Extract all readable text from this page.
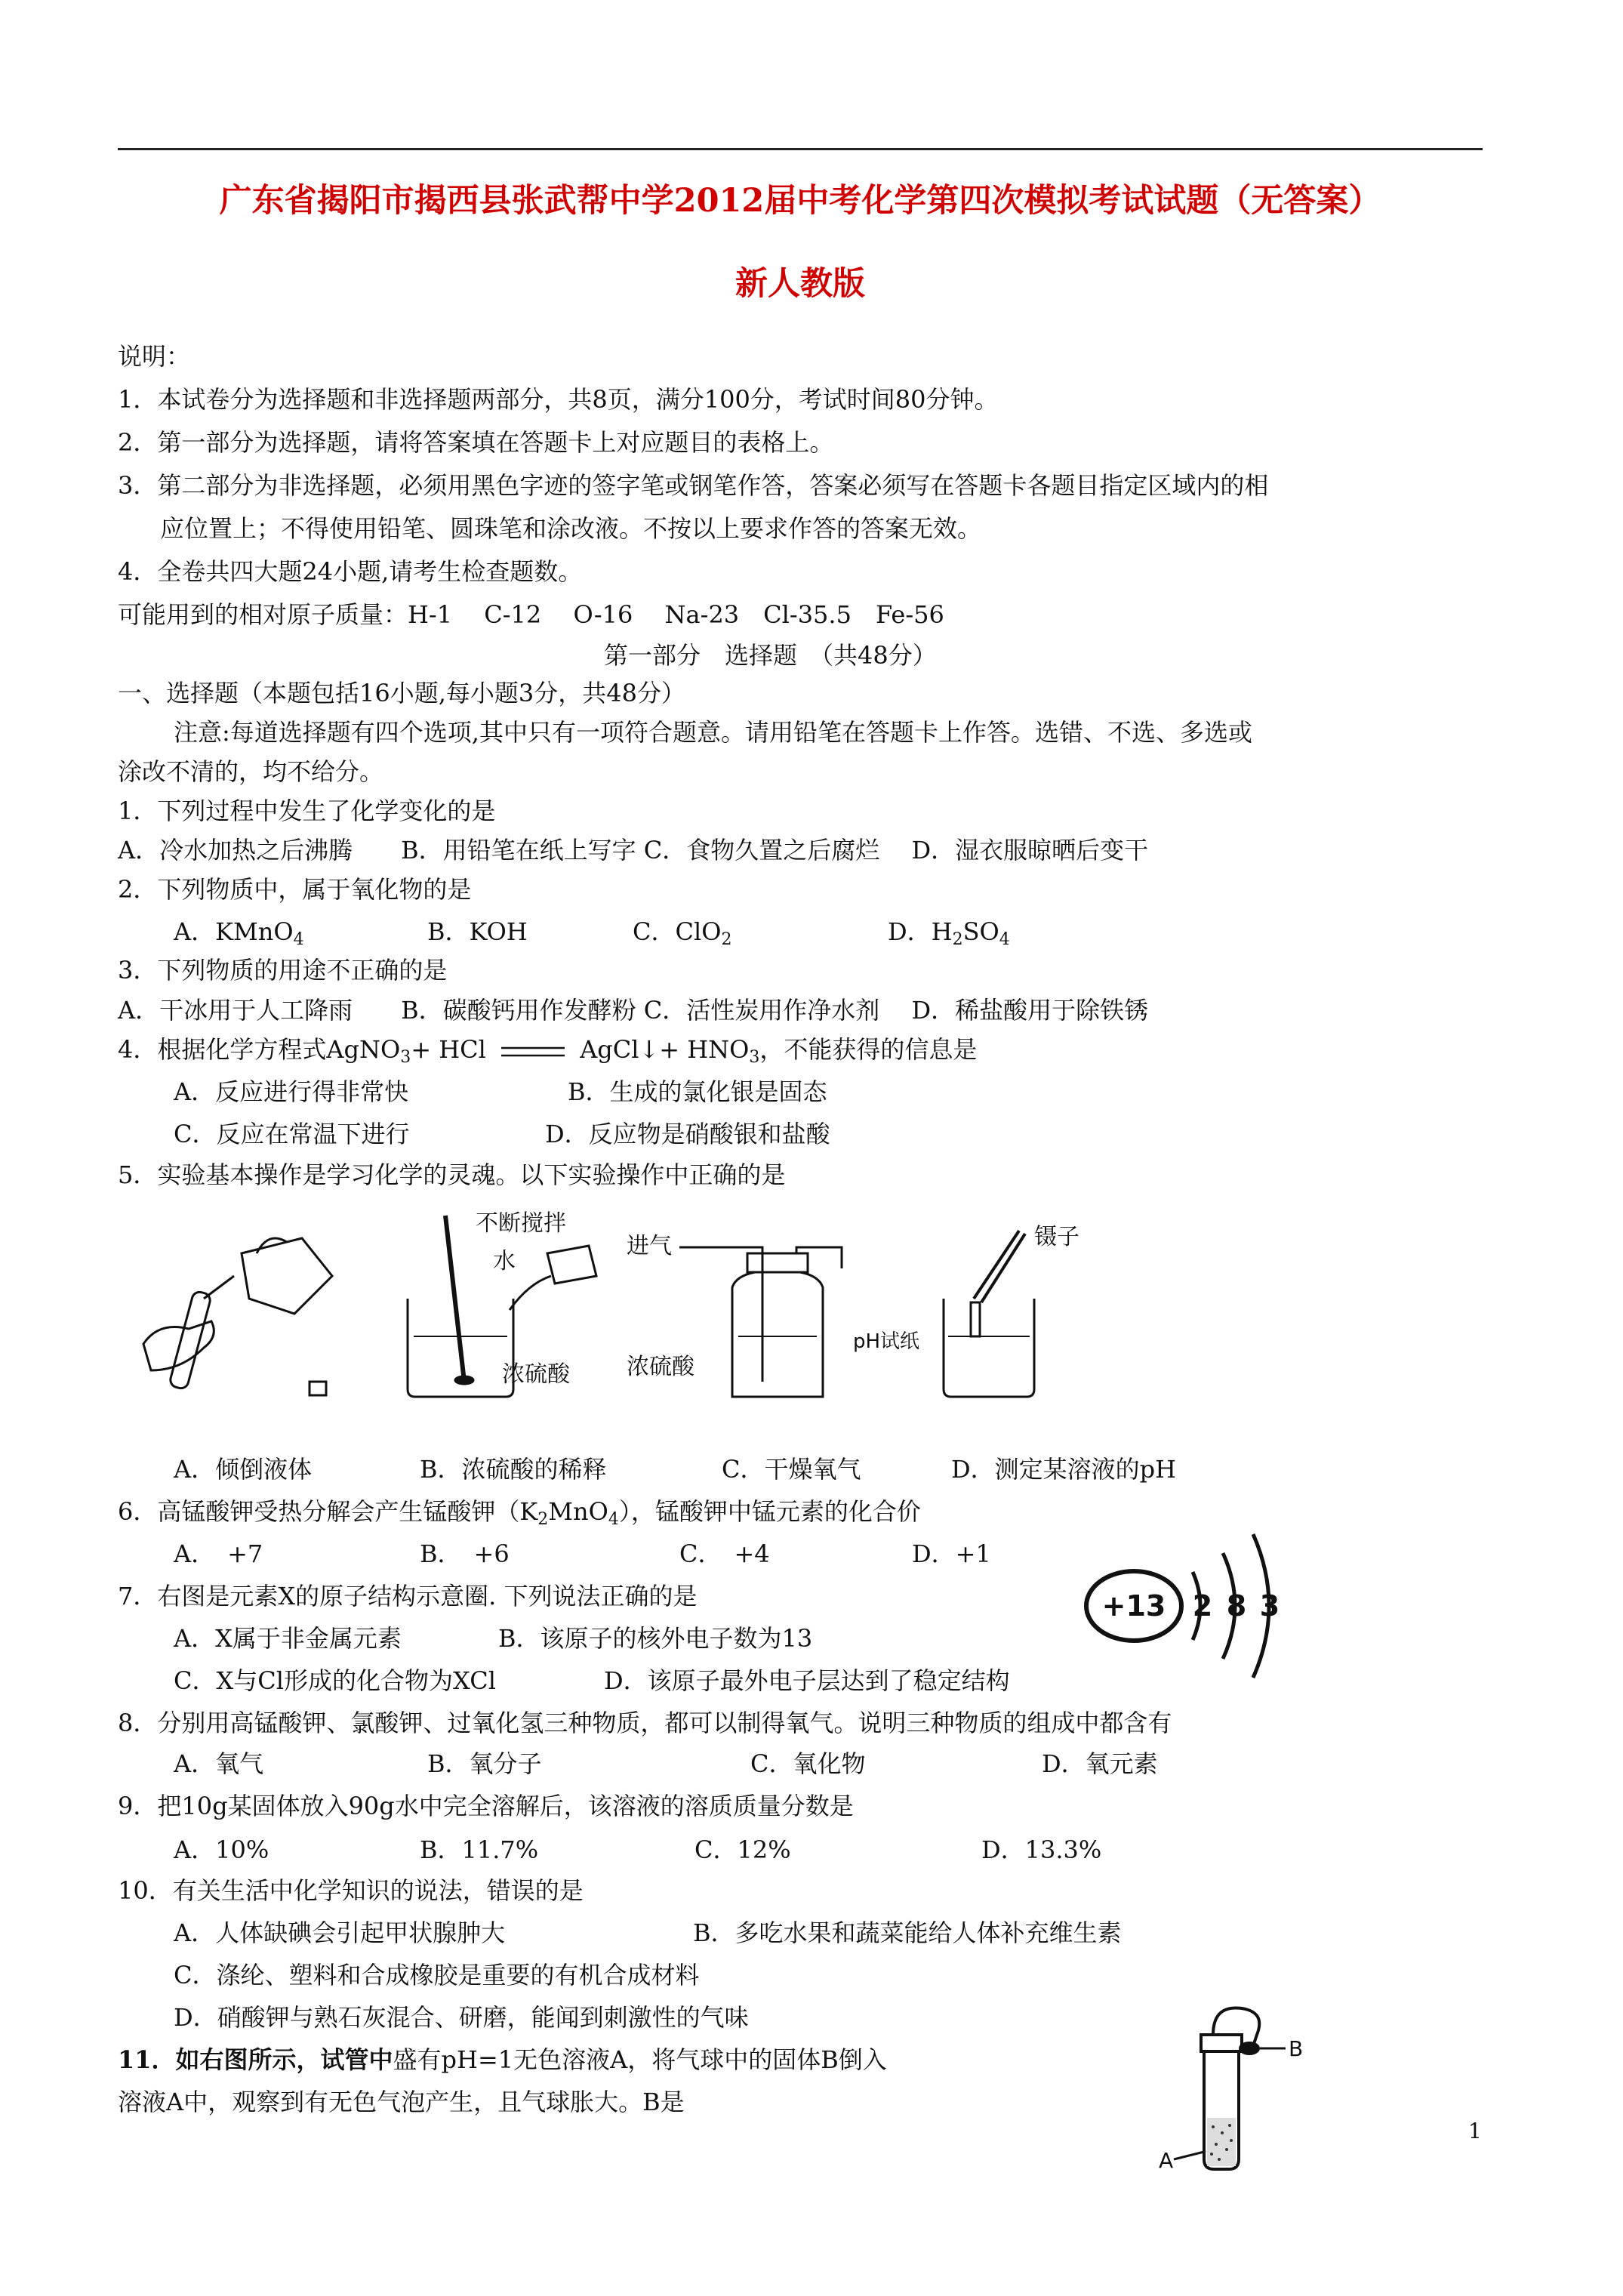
广东省揭阳市揭西县张武帮中学2012届中考化学第四次模拟考试试题（无答案）
新人教版
说明：
1．本试卷分为选择题和非选择题两部分，共8页，满分100分，考试时间80分钟。
2．第一部分为选择题，请将答案填在答题卡上对应题目的表格上。
3．第二部分为非选择题，必须用黑色字迹的签字笔或钢笔作答，答案必须写在答题卡各题目指定区域内的相
应位置上；不得使用铅笔、圆珠笔和涂改液。不按以上要求作答的答案无效。
4．全卷共四大题24小题,请考生检查题数。
可能用到的相对原子质量：H-1　 C-12　 O-16　 Na-23　Cl-35.5　Fe-56
第一部分　选择题　（共48分）
一、选择题（本题包括16小题,每小题3分，共48分）
注意:每道选择题有四个选项,其中只有一项符合题意。请用铅笔在答题卡上作答。选错、不选、多选或
涂改不清的，均不给分。
1．下列过程中发生了化学变化的是
A．冷水加热之后沸腾　　B．用铅笔在纸上写字 C．食物久置之后腐烂　 D．湿衣服晾晒后变干
2．下列物质中，属于氧化物的是
A．KMnO$_4$	B．KOH	C．ClO$_2$	D．$H_2SO_4$
3．下列物质的用途不正确的是
A．干冰用于人工降雨　　B．碳酸钙用作发酵粉 C．活性炭用作净水剂　 D．稀盐酸用于除铁锈
4．根据化学方程式AgNO$_3$+ HCl	AgCl↓+ $HNO_3$，不能获得的信息是
A．反应进行得非常快	B．生成的氯化银是固态
C．反应在常温下进行	D．反应物是硝酸银和盐酸
5．实验基本操作是学习化学的灵魂。以下实验操作中正确的是
不断搅拌
水
浓硫酸
进气
浓硫酸
镊子
pH试纸
A．倾倒液体	B．浓硫酸的稀释	C．干燥氧气	D．测定某溶液的pH
6．高锰酸钾受热分解会产生锰酸钾$(K_2MnO_4)$，锰酸钾中锰元素的化合价
A．　+7	B．　+6	C．　+4	D．+1
7．右图是元素X的原子结构示意圈. 下列说法正确的是
A．X属于非金属元素	B．该原子的核外电子数为13
C．X与Cl形成的化合物为XCl	D．该原子最外电子层达到了稳定结构
+13 2 8 3
8．分别用高锰酸钾、氯酸钾、过氧化氢三种物质，都可以制得氧气。说明三种物质的组成中都含有
A．氧气	B．氧分子	C．氧化物	D．氧元素
9．把10g某固体放入90g水中完全溶解后，该溶液的溶质质量分数是
A．10%	B．11.7%	C．12%	D．13.3%
10．有关生活中化学知识的说法，错误的是
A．人体缺碘会引起甲状腺肿大	B．多吃水果和蔬菜能给人体补充维生素
C．涤纶、塑料和合成橡胶是重要的有机合成材料
D．硝酸钾与熟石灰混合、研磨，能闻到刺激性的气味
11．如右图所示，试管中盛有pH=1无色溶液A，将气球中的固体B倒入
溶液A中，观察到有无色气泡产生，且气球胀大。B是
B
A
1
